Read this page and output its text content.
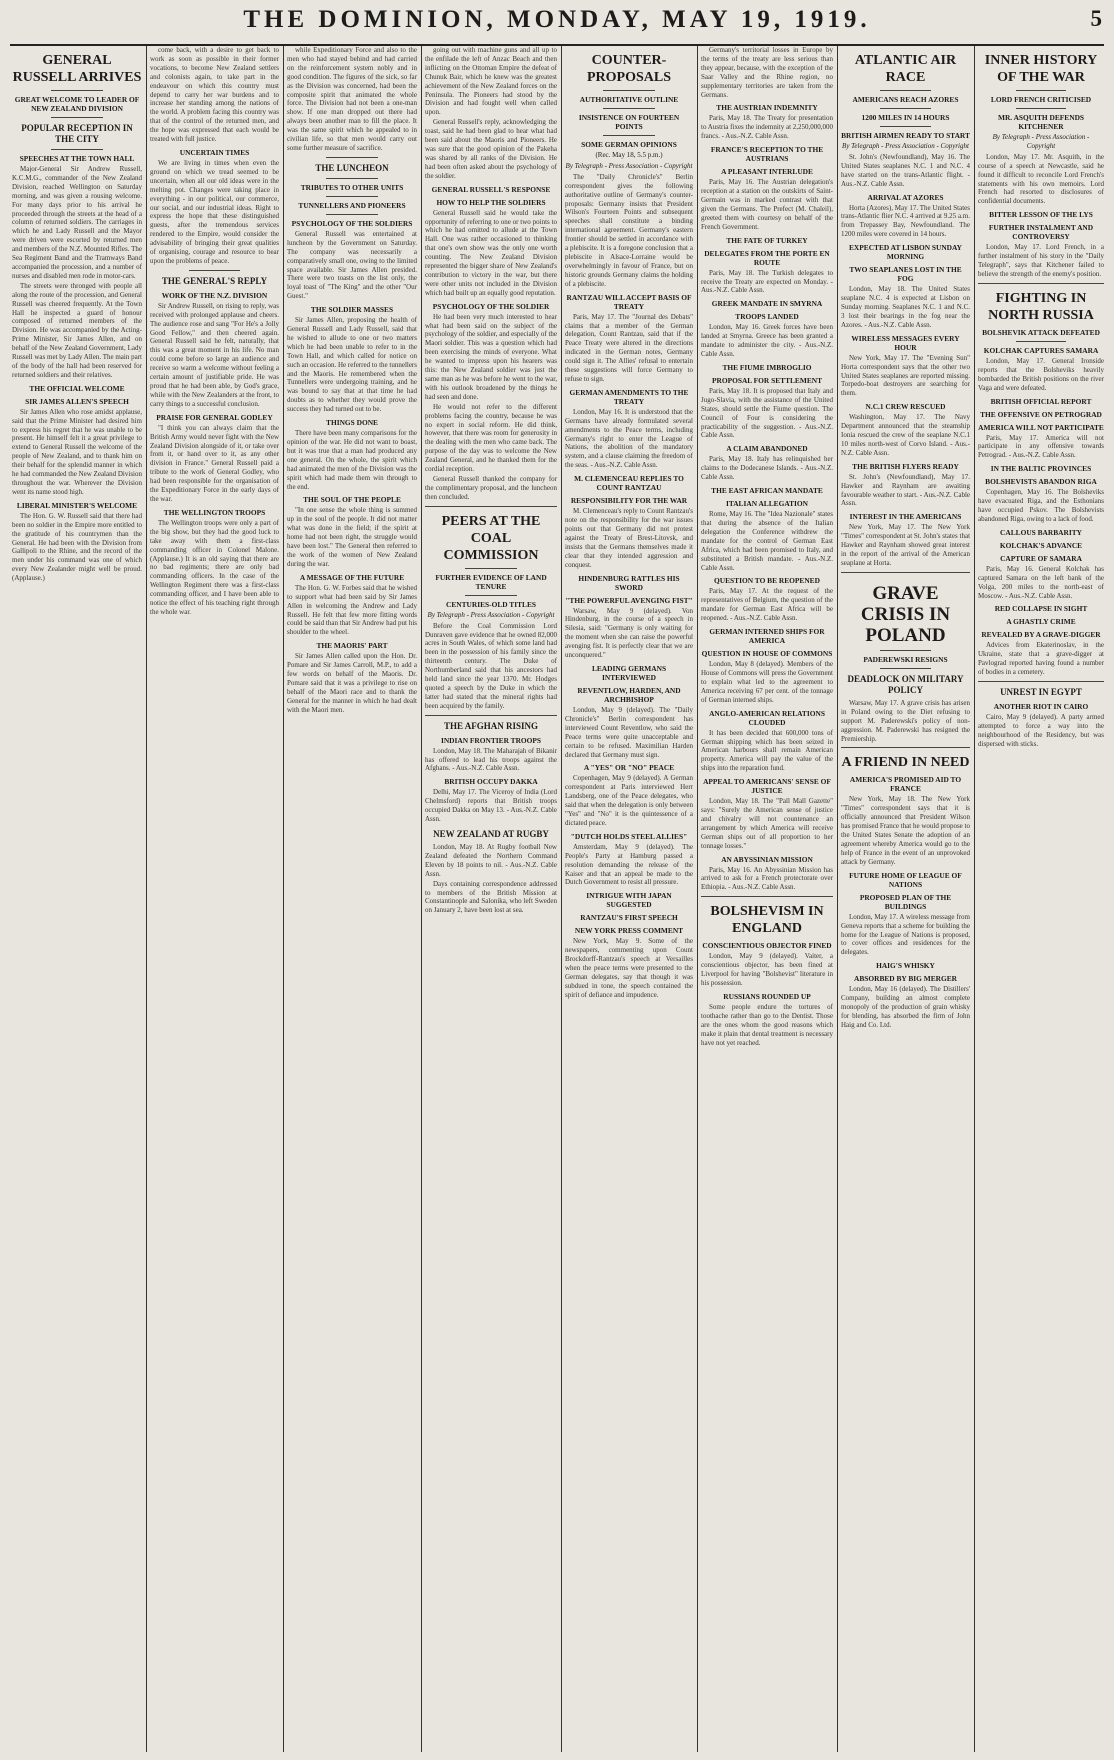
THE DOMINION, MONDAY, MAY 19, 1919.	5
GENERAL RUSSELL ARRIVES
GREAT WELCOME TO LEADER OF NEW ZEALAND DIVISION
POPULAR RECEPTION IN THE CITY
SPEECHES AT THE TOWN HALL

Major-General Sir Andrew Russell, K.C.M.G., commander of the New Zealand Division, reached Wellington on Saturday morning, and was given a rousing welcome. For many days prior to his arrival he proceeded through the streets at the head of a column of returned soldiers. The carriages in which he and Lady Russell and the Mayor were driven were escorted by returned men and members of the N.Z. Mounted Rifles. The Sea Regiment Band and the Tramways Band accompanied the procession, and a number of nurses and disabled men rode in motor-cars.

The streets were thronged with people all along the route of the procession, and General Russell was cheered frequently. At the Town Hall he inspected a guard of honour composed of returned members of the Division. He was accompanied by the Acting-Prime Minister, Sir James Allen, and on behalf of the New Zealand Government, Lady Russell was met by Lady Allen. The main part of the body of the hall had been reserved for returned soldiers and their relatives.

THE OFFICIAL WELCOME
SIR JAMES ALLEN'S SPEECH

Sir James Allen who rose amidst applause, said that the Prime Minister had desired him to express his regret that he was unable to be present. He himself felt it a great privilege to extend to General Russell the welcome of the people of New Zealand, and to thank him on their behalf for the splendid manner in which he had commanded the New Zealand Division throughout the war. Wherever the Division went its name stood high.

LIBERAL MINISTER'S WELCOME

The Hon. G. W. Russell said that there had been no soldier in the Empire more entitled to the gratitude of his countrymen than the General. He had been with the Division from Gallipoli to the Rhine, and the record of the men under his command was one of which every New Zealander might well be proud. (Applause.)

come back, with a desire to get back to work as soon as possible in their former vocations, to become New Zealand settlers and colonists again, to take part in the endeavour on which this country must depend to carry her war burdens and to increase her standing among the nations of the world. A problem facing this country was that of the control of the returned men, and the hope was expressed that each would be treated with full justice.

UNCERTAIN TIMES

We are living in times when even the ground on which we tread seemed to be uncertain, when all our old ideas were in the melting pot. Changes were taking place in everything - in our political, our commerce, our social, and our industrial ideas. Right to express the hope that these distinguished guests, after the tremendous services rendered to the Empire, would consider the advisability of bringing their great qualities of organising, courage and resource to bear upon the problems of peace.

THE GENERAL'S REPLY
WORK OF THE N.Z. DIVISION

Sir Andrew Russell, on rising to reply, was received with prolonged applause and cheers. The audience rose and sang "For He's a Jolly Good Fellow," and then cheered again. General Russell said he felt, naturally, that this was a great moment in his life. No man could come before so large an audience and receive so warm a welcome without feeling a certain amount of justifiable pride. He was proud that he had been able, by God's grace, while with the New Zealanders at the front, to carry things to a successful conclusion.

PRAISE FOR GENERAL GODLEY

"I think you can always claim that the British Army would never fight with the New Zealand Division alongside of it, or take over from it, or hand over to it, as any other division in France." General Russell paid a tribute to the work of General Godley, who had been responsible for the organisation of the Expeditionary Force in the early days of the war.

THE WELLINGTON TROOPS

The Wellington troops were only a part of the big show, but they had the good luck to take away with them a first-class commanding officer in Colonel Malone. (Applause.) It is an old saying that there are no bad regiments; there are only bad commanding officers. In the case of the Wellington Regiment there was a first-class commanding officer, and I have been able to notice the effect of his teaching right through the whole war.

while Expeditionary Force and also to the men who had stayed behind and had carried on the reinforcement system nobly and in good condition. The figures of the sick, so far as the Division was concerned, had been the composite spirit that animated the whole force. The Division had not been a one-man show. If one man dropped out there had always been another man to fill the place. It was the same spirit which he appealed to in civilian life, so that men would carry out some further measure of sacrifice.

THE LUNCHEON
TRIBUTES TO OTHER UNITS
TUNNELLERS AND PIONEERS
PSYCHOLOGY OF THE SOLDIERS

General Russell was entertained at luncheon by the Government on Saturday. The company was necessarily a comparatively small one, owing to the limited space available. Sir James Allen presided. There were two toasts on the list only, the loyal toast of "The King" and the other "Our Guest."

THE SOLDIER MASSES

Sir James Allen, proposing the health of General Russell and Lady Russell, said that he wished to allude to one or two matters which he had been unable to refer to in the Town Hall, and which called for notice on such an occasion. He referred to the tunnellers and the Maoris. He remembered when the Tunnellers were undergoing training, and he was bound to say that at that time he had doubts as to whether they would prove the success they had turned out to be.

THINGS DONE

There have been many comparisons for the opinion of the war. He did not want to boast, but it was true that a man had produced any one general. On the whole, the spirit which had animated the men of the Division was the spirit which had made them win through to the end.

THE SOUL OF THE PEOPLE

"In one sense the whole thing is summed up in the soul of the people. It did not matter what was done in the field; if the spirit at home had not been right, the struggle would have been lost." The General then referred to the work of the women of New Zealand during the war.

A MESSAGE OF THE FUTURE

The Hon. G. W. Forbes said that he wished to support what had been said by Sir James Allen in welcoming the Andrew and Lady Russell. He felt that few more fitting words could be said than that Sir Andrew had put his shoulder to the wheel.

THE MAORIS' PART

Sir James Allen called upon the Hon. Dr. Pomare and Sir James Carroll, M.P., to add a few words on behalf of the Maoris. Dr. Pomare said that it was a privilege to rise on behalf of the Maori race and to thank the General for the manner in which he had dealt with the Maori men.

going out with machine guns and all up to the enfilade the left of Anzac Beach and then inflicting on the Ottoman Empire the defeat of Chunuk Bair, which he knew was the greatest achievement of the New Zealand forces on the Peninsula. The Pioneers had stood by the Division and had fought well when called upon.

General Russell's reply, acknowledging the toast, said he had been glad to hear what had been said about the Maoris and Pioneers. He was sure that the good opinion of the Pakeha was shared by all ranks of the Division. He had been often asked about the psychology of the soldier.

GENERAL RUSSELL'S RESPONSE
HOW TO HELP THE SOLDIERS

General Russell said he would take the opportunity of referring to one or two points to which he had omitted to allude at the Town Hall. One was rather occasioned to thinking that one's own show was the only one worth counting. The New Zealand Division represented the bigger share of New Zealand's contribution to victory in the war, but there were other units not included in the Division which had built up an equally good reputation.

PSYCHOLOGY OF THE SOLDIER

He had been very much interested to hear what had been said on the subject of the psychology of the soldier, and especially of the Maori soldier. This was a question which had been exercising the minds of everyone. What he wanted to impress upon his hearers was this: the New Zealand soldier was just the same man as he was before he went to the war, with his outlook broadened by the things he had seen and done.

He would not refer to the different problems facing the country, because he was no expert in social reform. He did think, however, that there was room for generosity in the dealing with the men who came back. The purpose of the day was to welcome the New Zealand General, and he thanked them for the cordial reception.

General Russell thanked the company for the complimentary proposal, and the luncheon then concluded.

PEERS AT THE COAL COMMISSION
FURTHER EVIDENCE OF LAND TENURE
CENTURIES-OLD TITLES
By Telegraph - Press Association - Copyright

Before the Coal Commission Lord Dunraven gave evidence that he owned 82,000 acres in South Wales, of which some land had been in the possession of his family since the thirteenth century. The Duke of Northumberland said that his ancestors had held land since the year 1370. Mr. Hodges quoted a speech by the Duke in which the latter had stated that the mineral rights had been acquired by the family.

THE AFGHAN RISING
INDIAN FRONTIER TROOPS

London, May 18. The Maharajah of Bikanir has offered to lead his troops against the Afghans. - Aus.-N.Z. Cable Assn.

BRITISH OCCUPY DAKKA

Delhi, May 17. The Viceroy of India (Lord Chelmsford) reports that British troops occupied Dakka on May 13. - Aus.-N.Z. Cable Assn.

NEW ZEALAND AT RUGBY

London, May 18. At Rugby football New Zealand defeated the Northern Command Eleven by 18 points to nil. - Aus.-N.Z. Cable Assn.

Days containing correspondence addressed to members of the British Mission at Constantinople and Salonika, who left Sweden on January 2, have been lost at sea.

COUNTER-PROPOSALS
AUTHORITATIVE OUTLINE
INSISTENCE ON FOURTEEN POINTS
SOME GERMAN OPINIONS
(Rec. May 18, 5.5 p.m.)
By Telegraph - Press Association - Copyright

The "Daily Chronicle's" Berlin correspondent gives the following authoritative outline of Germany's counter-proposals: Germany insists that President Wilson's Fourteen Points and subsequent speeches shall constitute a binding international agreement. Germany's eastern frontier should be settled in accordance with a plebiscite. It is a foregone conclusion that a plebiscite in Alsace-Lorraine would be overwhelmingly in favour of France, but on historic grounds Germany claims the holding of a plebiscite.

RANTZAU WILL ACCEPT BASIS OF TREATY

Paris, May 17. The "Journal des Debats" claims that a member of the German delegation, Count Rantzau, said that if the Peace Treaty were altered in the directions indicated in the German notes, Germany could sign it. The Allies' refusal to entertain these suggestions will force Germany to refuse to sign.

GERMAN AMENDMENTS TO THE TREATY

London, May 16. It is understood that the Germans have already formulated several amendments to the Peace terms, including Germany's right to enter the League of Nations, the abolition of the mandatory system, and a clause claiming the freedom of the seas. - Aus.-N.Z. Cable Assn.

M. CLEMENCEAU REPLIES TO COUNT RANTZAU
RESPONSIBILITY FOR THE WAR

M. Clemenceau's reply to Count Rantzau's note on the responsibility for the war issues points out that Germany did not protest against the Treaty of Brest-Litovsk, and insists that the Germans themselves made it clear that they intended aggression and conquest.

HINDENBURG RATTLES HIS SWORD
"THE POWERFUL AVENGING FIST"

Warsaw, May 9 (delayed). Von Hindenburg, in the course of a speech in Silesia, said: "Germany is only waiting for the moment when she can raise the powerful avenging fist. It is perfectly clear that we are unconquered."

LEADING GERMANS INTERVIEWED
REVENTLOW, HARDEN, AND ARCHBISHOP

London, May 9 (delayed). The "Daily Chronicle's" Berlin correspondent has interviewed Count Reventlow, who said the Peace terms were quite unacceptable and certain to be refused. Maximilian Harden declared that Germany must sign.

A "YES" OR "NO" PEACE

Copenhagen, May 9 (delayed). A German correspondent at Paris interviewed Herr Landsberg, one of the Peace delegates, who said that when the delegation is only between "Yes" and "No" it is the quintessence of a dictated peace.

"DUTCH HOLDS STEEL ALLIES"

Amsterdam, May 9 (delayed). The People's Party at Hamburg passed a resolution demanding the release of the Kaiser and that an appeal be made to the Dutch Government to resist all pressure.

INTRIGUE WITH JAPAN SUGGESTED
RANTZAU'S FIRST SPEECH
NEW YORK PRESS COMMENT

New York, May 9. Some of the newspapers, commenting upon Count Brockdorff-Rantzau's speech at Versailles when the peace terms were presented to the German delegates, say that though it was subdued in tone, the speech contained the spirit of defiance and impudence.

Germany's territorial losses in Europe by the terms of the treaty are less serious than they appear, because, with the exception of the Saar Valley and the Rhine region, no supplementary territories are taken from the Germans.

THE AUSTRIAN INDEMNITY

Paris, May 18. The Treaty for presentation to Austria fixes the indemnity at 2,250,000,000 francs. - Aus.-N.Z. Cable Assn.

FRANCE'S RECEPTION TO THE AUSTRIANS
A PLEASANT INTERLUDE

Paris, May 16. The Austrian delegation's reception at a station on the outskirts of Saint-Germain was in marked contrast with that given the Germans. The Prefect (M. Chaleil), greeted them with courtesy on behalf of the French Government.

THE FATE OF TURKEY
DELEGATES FROM THE PORTE EN ROUTE

Paris, May 18. The Turkish delegates to receive the Treaty are expected on Monday. - Aus.-N.Z. Cable Assn.

GREEK MANDATE IN SMYRNA
TROOPS LANDED

London, May 16. Greek forces have been landed at Smyrna. Greece has been granted a mandate to administer the city. - Aus.-N.Z. Cable Assn.

THE FIUME IMBROGLIO
PROPOSAL FOR SETTLEMENT

Paris, May 18. It is proposed that Italy and Jugo-Slavia, with the assistance of the United States, should settle the Fiume question. The Council of Four is considering the practicability of the suggestion. - Aus.-N.Z. Cable Assn.

A CLAIM ABANDONED

Paris, May 18. Italy has relinquished her claims to the Dodecanese Islands. - Aus.-N.Z. Cable Assn.

THE EAST AFRICAN MANDATE
ITALIAN ALLEGATION

Rome, May 16. The "Idea Nazionale" states that during the absence of the Italian delegation the Conference withdrew the mandate for the control of German East Africa, which had been promised to Italy, and substituted a British mandate. - Aus.-N.Z. Cable Assn.

QUESTION TO BE REOPENED

Paris, May 17. At the request of the representatives of Belgium, the question of the mandate for German East Africa will be reopened. - Aus.-N.Z. Cable Assn.

GERMAN INTERNED SHIPS FOR AMERICA
QUESTION IN HOUSE OF COMMONS

London, May 8 (delayed). Members of the House of Commons will press the Government to explain what led to the agreement to America receiving 67 per cent. of the tonnage of German interned ships.

ANGLO-AMERICAN RELATIONS CLOUDED

It has been decided that 600,000 tons of German shipping which has been seized in American harbours shall remain American property. America will pay the value of the ships into the reparation fund.

APPEAL TO AMERICANS' SENSE OF JUSTICE

London, May 18. The "Pall Mall Gazette" says: "Surely the American sense of justice and chivalry will not countenance an arrangement by which America will receive German ships out of all proportion to her tonnage losses."

AN ABYSSINIAN MISSION

Paris, May 16. An Abyssinian Mission has arrived to ask for a French protectorate over Ethiopia. - Aus.-N.Z. Cable Assn.

BOLSHEVISM IN ENGLAND
CONSCIENTIOUS OBJECTOR FINED

London, May 9 (delayed). Vaiter, a conscientious objector, has been fined at Liverpool for having "Bolshevist" literature in his possession.

RUSSIANS ROUNDED UP

Some people endure the tortures of toothache rather than go to the Dentist. Those are the ones whom the good reasons which make it plain that dental treatment is necessary have not yet reached.

ATLANTIC AIR RACE
AMERICANS REACH AZORES
1200 MILES IN 14 HOURS
BRITISH AIRMEN READY TO START
By Telegraph - Press Association - Copyright

St. John's (Newfoundland), May 16. The United States seaplanes N.C. 1 and N.C. 4 have started on the trans-Atlantic flight. - Aus.-N.Z. Cable Assn.

ARRIVAL AT AZORES

Horta (Azores), May 17. The United States trans-Atlantic flier N.C. 4 arrived at 9.25 a.m. from Trepassey Bay, Newfoundland. The 1200 miles were covered in 14 hours.

EXPECTED AT LISBON SUNDAY MORNING
TWO SEAPLANES LOST IN THE FOG

London, May 18. The United States seaplane N.C. 4 is expected at Lisbon on Sunday morning. Seaplanes N.C. 1 and N.C. 3 lost their bearings in the fog near the Azores. - Aus.-N.Z. Cable Assn.

WIRELESS MESSAGES EVERY HOUR

New York, May 17. The "Evening Sun" Horta correspondent says that the other two United States seaplanes are reported missing. Torpedo-boat destroyers are searching for them.

N.C.1 CREW RESCUED

Washington, May 17. The Navy Department announced that the steamship Ionia rescued the crew of the seaplane N.C.1 10 miles north-west of Corvo Island. - Aus.-N.Z. Cable Assn.

THE BRITISH FLYERS READY

St. John's (Newfoundland), May 17. Hawker and Raynham are awaiting favourable weather to start. - Aus.-N.Z. Cable Assn.

INTEREST IN THE AMERICANS

New York, May 17. The New York "Times" correspondent at St. John's states that Hawker and Raynham showed great interest in the report of the arrival of the American seaplane at Horta.

GRAVE CRISIS IN POLAND
PADEREWSKI RESIGNS
DEADLOCK ON MILITARY POLICY

Warsaw, May 17. A grave crisis has arisen in Poland owing to the Diet refusing to support M. Paderewski's policy of non-aggression. M. Paderewski has resigned the Premiership.

A FRIEND IN NEED
AMERICA'S PROMISED AID TO FRANCE

New York, May 18. The New York "Times" correspondent says that it is officially announced that President Wilson has promised France that he would propose to the United States Senate the adoption of an agreement whereby America would go to the help of France in the event of an unprovoked attack by Germany.

FUTURE HOME OF LEAGUE OF NATIONS
PROPOSED PLAN OF THE BUILDINGS

London, May 17. A wireless message from Geneva reports that a scheme for building the home for the League of Nations is proposed, to cover offices and residences for the delegates.

HAIG'S WHISKY
ABSORBED BY BIG MERGER

London, May 16 (delayed). The Distillers' Company, building an almost complete monopoly of the production of grain whisky for blending, has absorbed the firm of John Haig and Co. Ltd.

INNER HISTORY OF THE WAR
LORD FRENCH CRITICISED
MR. ASQUITH DEFENDS KITCHENER
By Telegraph - Press Association - Copyright

London, May 17. Mr. Asquith, in the course of a speech at Newcastle, said he found it difficult to reconcile Lord French's statements with his own memoirs. Lord French had resorted to disclosures of confidential documents.

BITTER LESSON OF THE LYS
FURTHER INSTALMENT AND CONTROVERSY

London, May 17. Lord French, in a further instalment of his story in the "Daily Telegraph", says that Kitchener failed to believe the strength of the enemy's position.

FIGHTING IN NORTH RUSSIA
BOLSHEVIK ATTACK DEFEATED
KOLCHAK CAPTURES SAMARA

London, May 17. General Ironside reports that the Bolsheviks heavily bombarded the British positions on the river Vaga and were defeated.

BRITISH OFFICIAL REPORT
THE OFFENSIVE ON PETROGRAD
AMERICA WILL NOT PARTICIPATE

Paris, May 17. America will not participate in any offensive towards Petrograd. - Aus.-N.Z. Cable Assn.

IN THE BALTIC PROVINCES
BOLSHEVISTS ABANDON RIGA

Copenhagen, May 16. The Bolsheviks have evacuated Riga, and the Esthonians have occupied Pskov. The Bolshevists abandoned Riga, owing to a lack of food.

CALLOUS BARBARITY
KOLCHAK'S ADVANCE
CAPTURE OF SAMARA

Paris, May 16. General Kolchak has captured Samara on the left bank of the Volga, 200 miles to the north-east of Moscow. - Aus.-N.Z. Cable Assn.

RED COLLAPSE IN SIGHT
A GHASTLY CRIME
REVEALED BY A GRAVE-DIGGER

Advices from Ekaterinoslav, in the Ukraine, state that a grave-digger at Pavlograd reported having found a number of bodies in a cemetery.

UNREST IN EGYPT
ANOTHER RIOT IN CAIRO

Cairo, May 9 (delayed). A party armed attempted to force a way into the neighbourhood of the Residency, but was dispersed with sticks.
